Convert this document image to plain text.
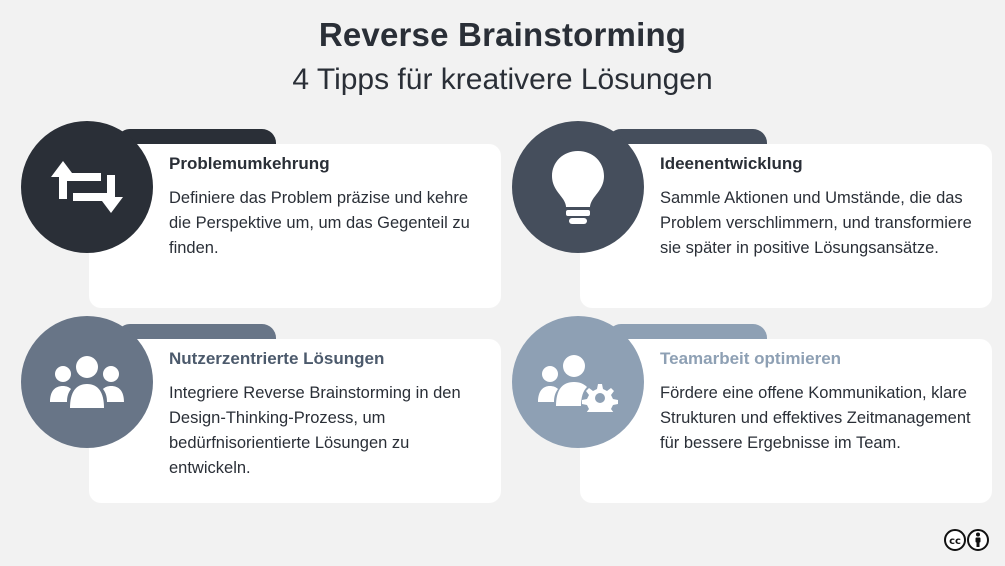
Reverse Brainstorming
4 Tipps für kreativere Lösungen
Problemumkehrung
Definiere das Problem präzise und kehre die Perspektive um, um das Gegenteil zu finden.
Ideenentwicklung
Sammle Aktionen und Umstände, die das Problem verschlimmern, und transformiere sie später in positive Lösungsansätze.
Nutzerzentrierte Lösungen
Integriere Reverse Brainstorming in den Design-Thinking-Prozess, um bedürfnisorientierte Lösungen zu entwickeln.
Teamarbeit optimieren
Fördere eine offene Kommunikation, klare Strukturen und effektives Zeitmanagement für bessere Ergebnisse im Team.
cc
